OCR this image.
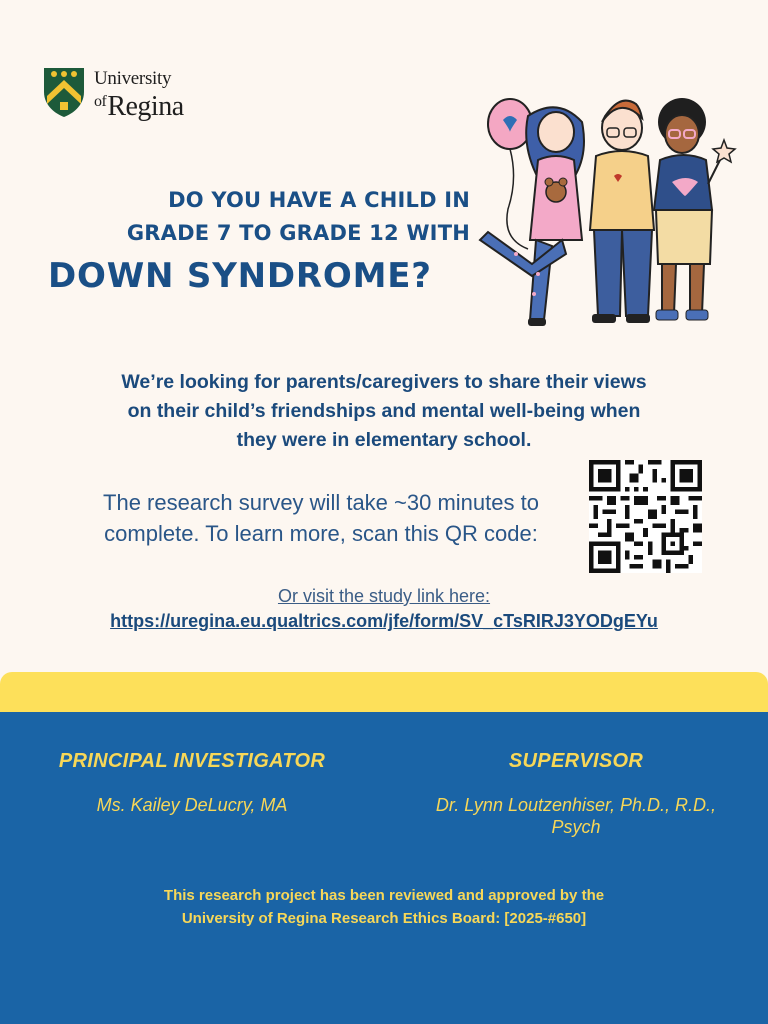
University
$^{of}$Regina
DO YOU HAVE A CHILD IN
GRADE 7 TO GRADE 12 WITH
DOWN SYNDROME?
We’re looking for parents/caregivers to share their views
on their child’s friendships and mental well-being when
they were in elementary school.
The research survey will take ~30 minutes to
complete. To learn more, scan this QR code:
Or visit the study link here:
https://uregina.eu.qualtrics.com/jfe/form/SV_cTsRIRJ3YODgEYu
PRINCIPAL INVESTIGATOR
Ms. Kailey DeLucry, MA
SUPERVISOR
Dr. Lynn Loutzenhiser, Ph.D., R.D.,
Psych
This research project has been reviewed and approved by the
University of Regina Research Ethics Board: [2025-#650]
